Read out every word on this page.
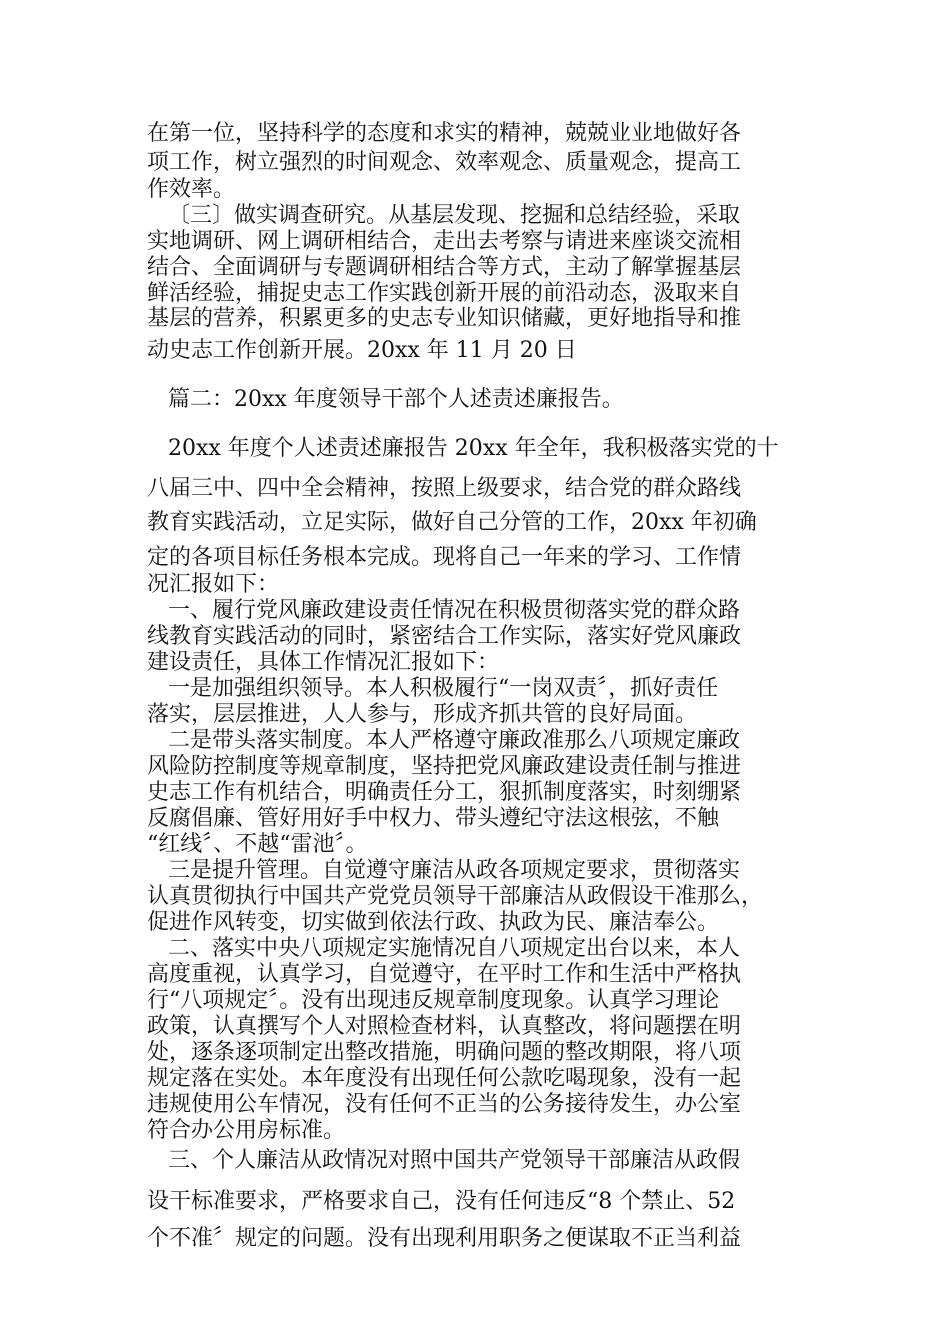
在第一位，坚持科学的态度和求实的精神，兢兢业业地做好各
项工作，树立强烈的时间观念、效率观念、质量观念，提高工
作效率。
〔三〕做实调查研究。从基层发现、挖掘和总结经验，采取
实地调研、网上调研相结合，走出去考察与请进来座谈交流相
结合、全面调研与专题调研相结合等方式，主动了解掌握基层
鲜活经验，捕捉史志工作实践创新开展的前沿动态，汲取来自
基层的营养，积累更多的史志专业知识储藏，更好地指导和推
动史志工作创新开展。20xx 年 11 月 20 日
篇二：20xx 年度领导干部个人述责述廉报告。
20xx 年度个人述责述廉报告 20xx 年全年，我积极落实党的十
八届三中、四中全会精神，按照上级要求，结合党的群众路线
教育实践活动，立足实际，做好自己分管的工作，20xx 年初确
定的各项目标任务根本完成。现将自己一年来的学习、工作情
况汇报如下：
一、履行党风廉政建设责任情况在积极贯彻落实党的群众路
线教育实践活动的同时，紧密结合工作实际，落实好党风廉政
建设责任，具体工作情况汇报如下：
一是加强组织领导。本人积极履行“一岗双责〞，抓好责任
落实，层层推进，人人参与，形成齐抓共管的良好局面。
二是带头落实制度。本人严格遵守廉政准那么八项规定廉政
风险防控制度等规章制度，坚持把党风廉政建设责任制与推进
史志工作有机结合，明确责任分工，狠抓制度落实，时刻绷紧
反腐倡廉、管好用好手中权力、带头遵纪守法这根弦，不触
“红线〞、不越“雷池〞。
三是提升管理。自觉遵守廉洁从政各项规定要求，贯彻落实
认真贯彻执行中国共产党党员领导干部廉洁从政假设干准那么，
促进作风转变，切实做到依法行政、执政为民、廉洁奉公。
二、落实中央八项规定实施情况自八项规定出台以来，本人
高度重视，认真学习，自觉遵守，在平时工作和生活中严格执
行“八项规定〞。没有出现违反规章制度现象。认真学习理论
政策，认真撰写个人对照检查材料，认真整改，将问题摆在明
处，逐条逐项制定出整改措施，明确问题的整改期限，将八项
规定落在实处。本年度没有出现任何公款吃喝现象，没有一起
违规使用公车情况，没有任何不正当的公务接待发生，办公室
符合办公用房标准。
三、个人廉洁从政情况对照中国共产党领导干部廉洁从政假
设干标准要求，严格要求自己，没有任何违反“8 个禁止、52
个不准〞规定的问题。没有出现利用职务之便谋取不正当利益
